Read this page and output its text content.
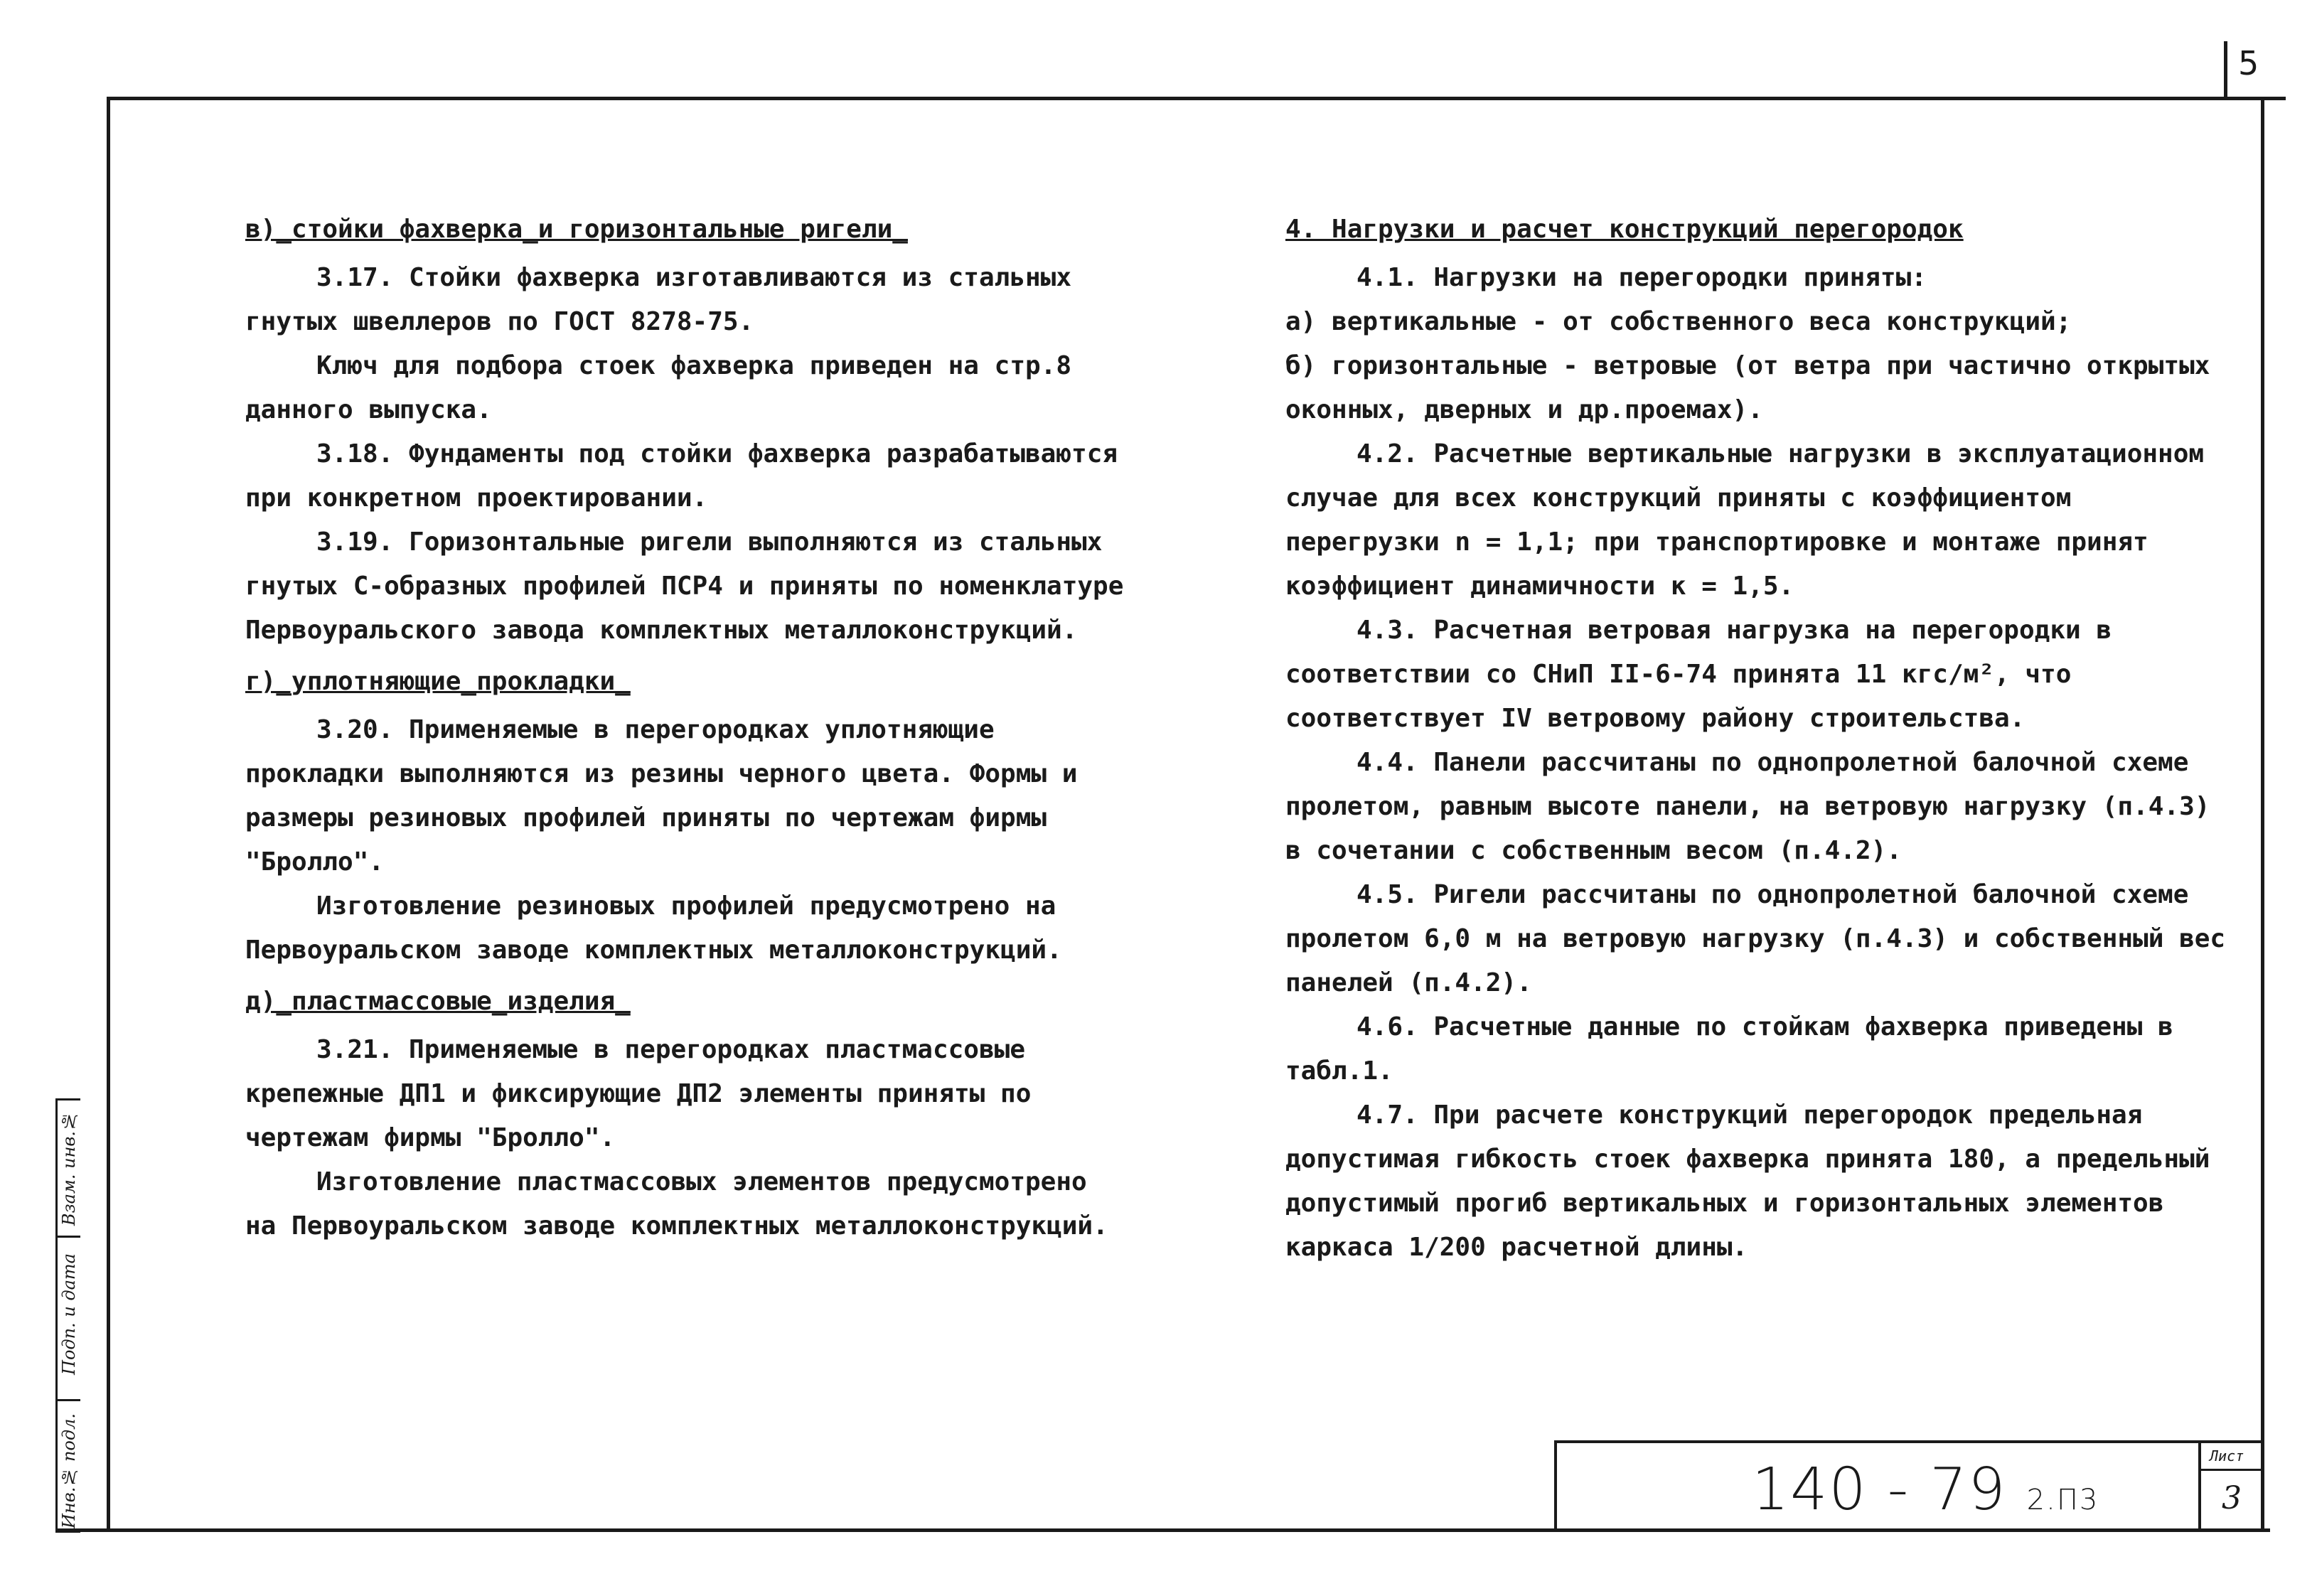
5
Инв.№ подл.
Подп. и дата
Взам. инв.№

в)_стойки фахверка_и горизонтальные ригели_

3.17. Стойки фахверка изготавливаются из стальных гнутых швеллеров по ГОСТ 8278-75.

Ключ для подбора стоек фахверка приведен на стр.8 данного выпуска.

3.18. Фундаменты под стойки фахверка разрабатываются при конкретном проектировании.

3.19. Горизонтальные ригели выполняются из стальных гнутых С-образных профилей ПСР4 и приняты по номенклатуре Первоуральского завода комплектных металлоконструкций.

г)_уплотняющие_прокладки_

3.20. Применяемые в перегородках уплотняющие прокладки выполняются из резины черного цвета. Формы и размеры резиновых профилей приняты по чертежам фирмы "Бролло".

Изготовление резиновых профилей предусмотрено на Первоуральском заводе комплектных металлоконструкций.

д)_пластмассовые_изделия_

3.21. Применяемые в перегородках пластмассовые крепежные ДП1 и фиксирующие ДП2 элементы приняты по чертежам фирмы "Бролло".

Изготовление пластмассовых элементов предусмотрено на Первоуральском заводе комплектных металлоконструкций.

4. Нагрузки и расчет конструкций перегородок

4.1. Нагрузки на перегородки приняты:

а) вертикальные - от собственного веса конструкций;

б) горизонтальные - ветровые (от ветра при частично открытых оконных, дверных и др.проемах).

4.2. Расчетные вертикальные нагрузки в эксплуатационном случае для всех конструкций приняты с коэффициентом перегрузки n = 1,1; при транспортировке и монтаже принят коэффициент динамичности к = 1,5.

4.3. Расчетная ветровая нагрузка на перегородки в соответствии со СНиП II-6-74 принята 11 кгс/м², что соответствует IV ветровому району строительства.

4.4. Панели рассчитаны по однопролетной балочной схеме пролетом, равным высоте панели, на ветровую нагрузку (п.4.3) в сочетании с собственным весом (п.4.2).

4.5. Ригели рассчитаны по однопролетной балочной схеме пролетом 6,0 м на ветровую нагрузку (п.4.3) и собственный вес панелей (п.4.2).

4.6. Расчетные данные по стойкам фахверка приведены в табл.1.

4.7. При расчете конструкций перегородок предельная допустимая гибкость стоек фахверка принята 180, а предельный допустимый прогиб вертикальных и горизонтальных элементов каркаса 1/200 расчетной длины.

140 - 79 2.П3
Лист
3
